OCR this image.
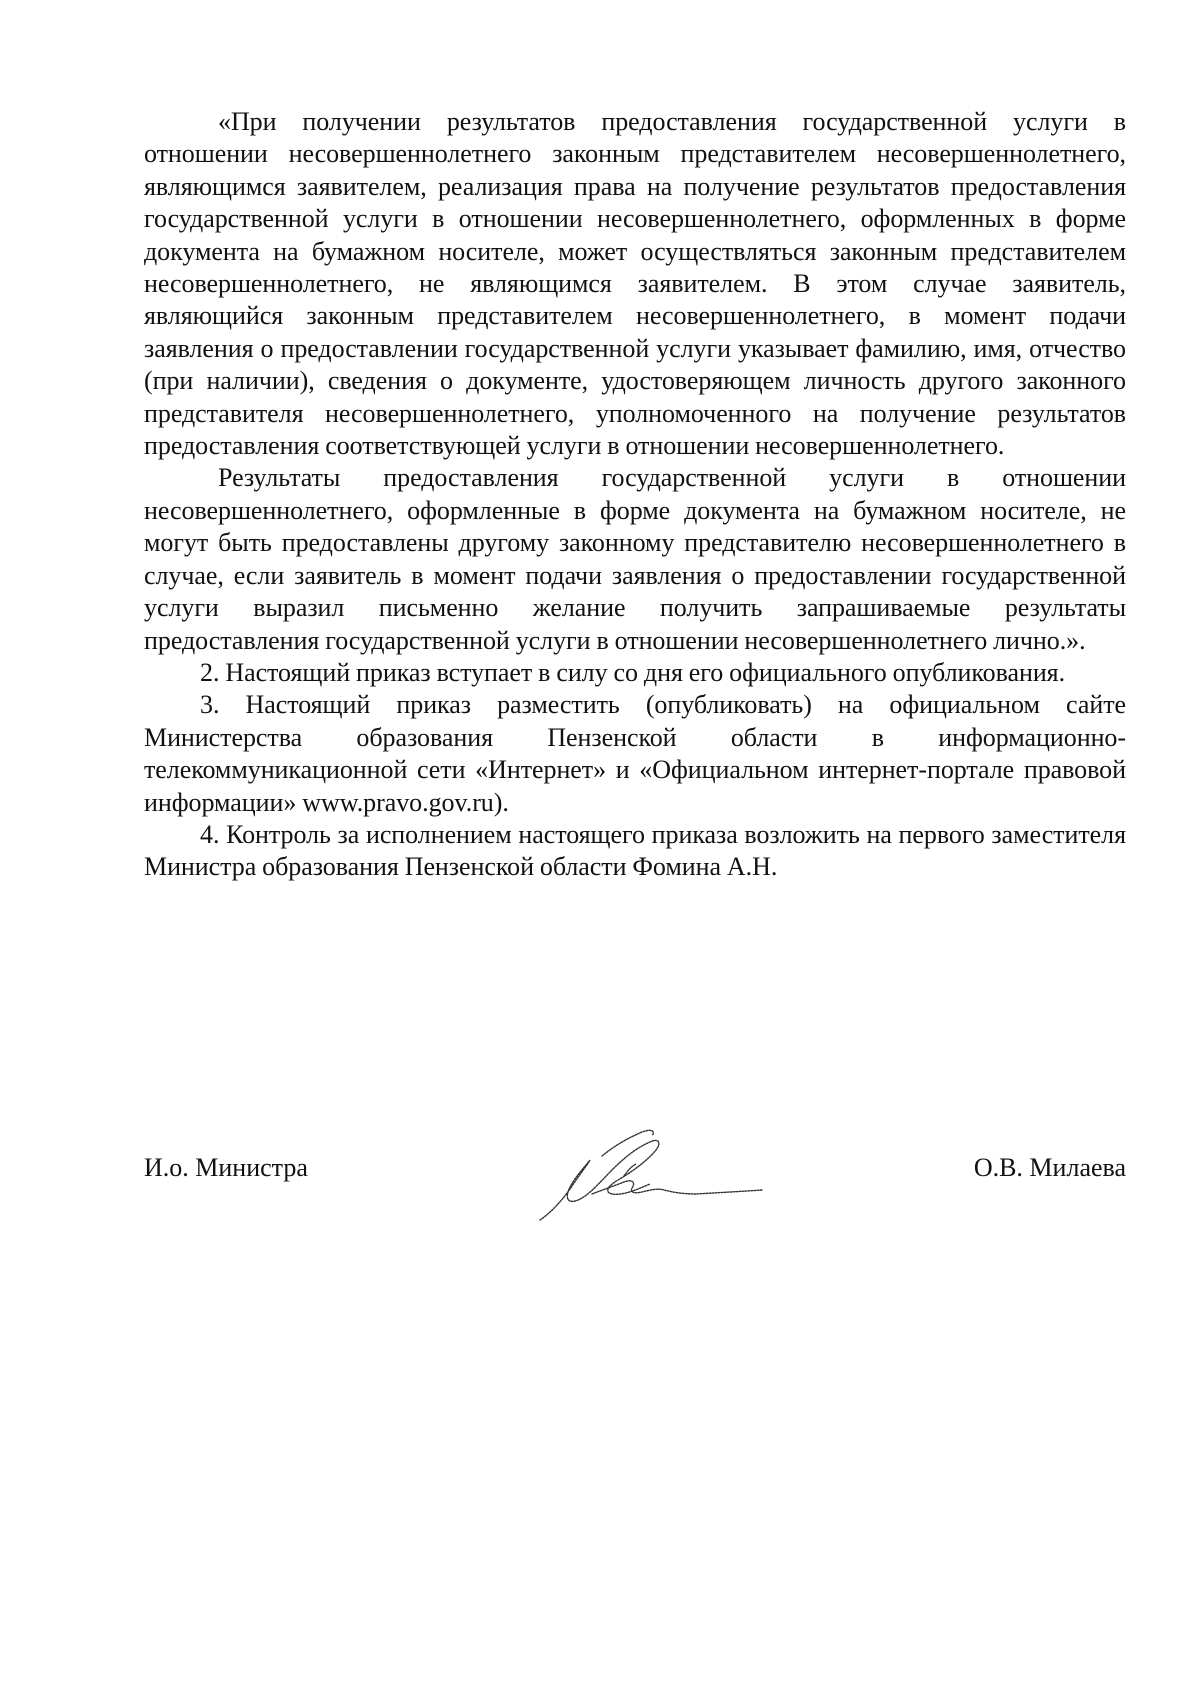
«При получении результатов предоставления государственной услуги в отношении несовершеннолетнего законным представителем несовершеннолетнего, являющимся заявителем, реализация права на получение результатов предоставления государственной услуги в отношении несовершеннолетнего, оформленных в форме документа на бумажном носителе, может осуществляться законным представителем несовершеннолетнего, не являющимся заявителем. В этом случае заявитель, являющийся законным представителем несовершеннолетнего, в момент подачи заявления о предоставлении государственной услуги указывает фамилию, имя, отчество (при наличии), сведения о документе, удостоверяющем личность другого законного представителя несовершеннолетнего, уполномоченного на получение результатов предоставления соответствующей услуги в отношении несовершеннолетнего.

Результаты предоставления государственной услуги в отношении несовершеннолетнего, оформленные в форме документа на бумажном носителе, не могут быть предоставлены другому законному представителю несовершеннолетнего в случае, если заявитель в момент подачи заявления о предоставлении государственной услуги выразил письменно желание получить запрашиваемые результаты предоставления государственной услуги в отношении несовершеннолетнего лично.».

2. Настоящий приказ вступает в силу со дня его официального опубликования.

3. Настоящий приказ разместить (опубликовать) на официальном сайте Министерства образования Пензенской области в информационно-телекоммуникационной сети «Интернет» и «Официальном интернет-портале правовой информации» www.pravo.gov.ru).

4. Контроль за исполнением настоящего приказа возложить на первого заместителя Министра образования Пензенской области Фомина А.Н.

И.о. Министра	О.В. Милаева
